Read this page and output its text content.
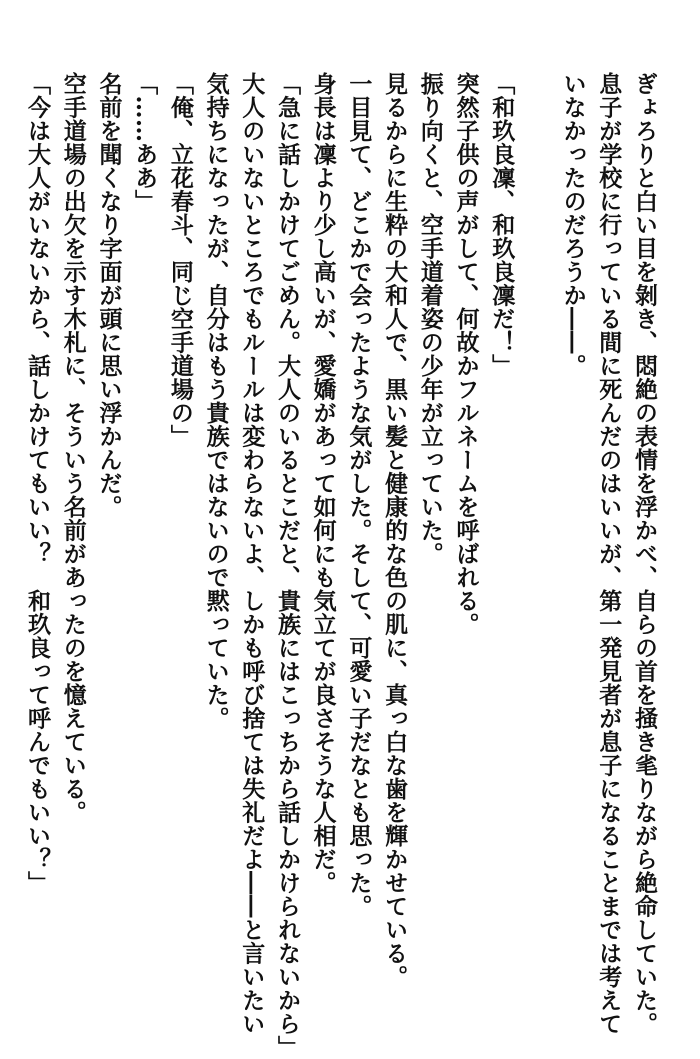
ぎょろりと白い目を剝き、悶絶の表情を浮かべ、自らの首を掻き毟りながら絶命していた。
息子が学校に行っている間に死んだのはいいが、第一発見者が息子になることまでは考えて
いなかったのだろうか――。
「和玖良凜、和玖良凜だ！」
突然子供の声がして、何故かフルネームを呼ばれる。
振り向くと、空手道着姿の少年が立っていた。
見るからに生粋の大和人で、黒い髪と健康的な色の肌に、真っ白な歯を輝かせている。
一目見て、どこかで会ったような気がした。そして、可愛い子だなとも思った。
身長は凜より少し高いが、愛嬌があって如何にも気立てが良さそうな人相だ。
「急に話しかけてごめん。大人のいるとこだと、貴族にはこっちから話しかけられないから」
大人のいないところでもルールは変わらないよ、しかも呼び捨ては失礼だよ――と言いたい
気持ちになったが、自分はもう貴族ではないので黙っていた。
「俺、立花春斗、同じ空手道場の」
「……ああ」
名前を聞くなり字面が頭に思い浮かんだ。
空手道場の出欠を示す木札に、そういう名前があったのを憶えている。
「今は大人がいないから、話しかけてもいい？　和玖良って呼んでもいい？」
